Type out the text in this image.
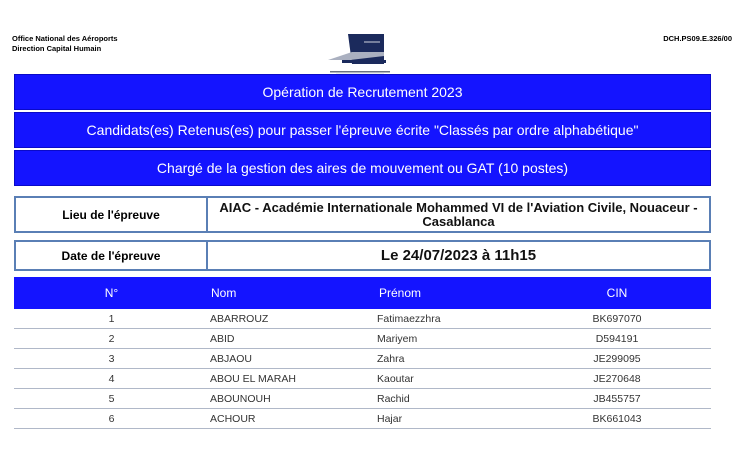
Office National des Aéroports
Direction Capital Humain
DCH.PS09.E.326/00
Opération de Recrutement 2023
Candidats(es) Retenus(es) pour passer l'épreuve écrite "Classés par ordre alphabétique"
Chargé de la gestion des aires de mouvement ou GAT (10 postes)
Lieu de l'épreuve	AIAC - Académie Internationale Mohammed VI de l'Aviation Civile, Nouaceur - Casablanca
Date de l'épreuve	Le 24/07/2023 à 11h15
N°	Nom	Prénom	CIN
1	ABARROUZ	Fatimaezzhra	BK697070
2	ABID	Mariyem	D594191
3	ABJAOU	Zahra	JE299095
4	ABOU EL MARAH	Kaoutar	JE270648
5	ABOUNOUH	Rachid	JB455757
6	ACHOUR	Hajar	BK661043
